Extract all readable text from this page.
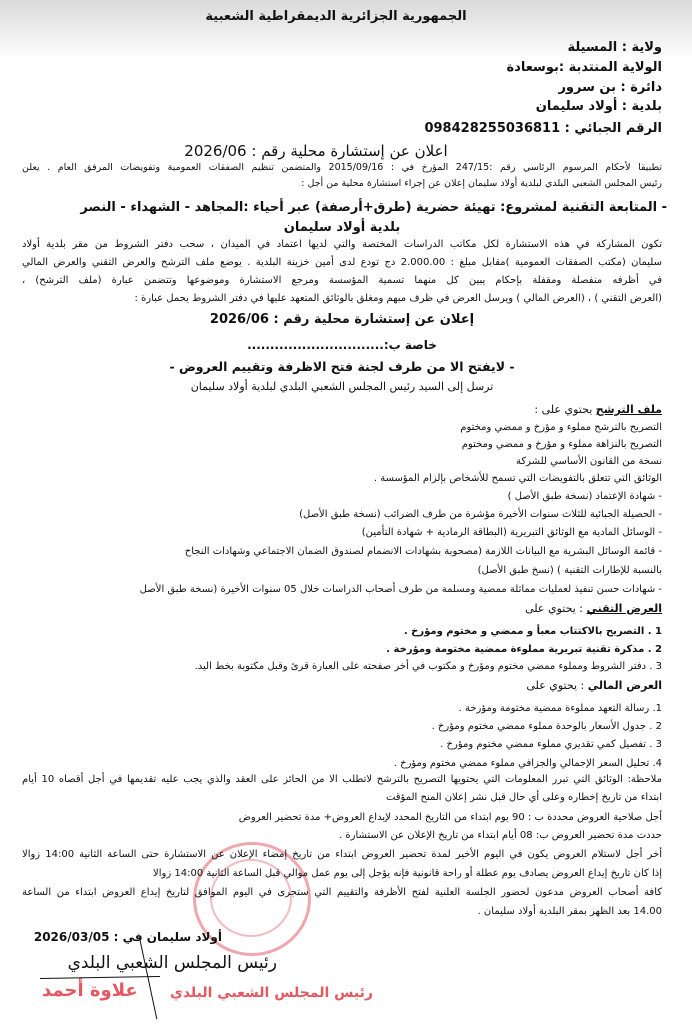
الجمهورية الجزائرية الديمقراطية الشعبية
ولاية : المسيلة
الولاية المنتدبة :بوسعادة
دائرة : بن سرور
بلدية : أولاد سليمان
الرقم الجبائي : 098428255036811
اعلان عن إستشارة محلية رقم : 2026/06
تطبيقا لأحكام المرسوم الرئاسي رقم :247/15 المؤرخ في : 2015/09/16 والمتضمن تنظيم الصفقات العمومية وتفويضات المرفق العام . يعلن
رئيس المجلس الشعبي البلدي لبلدية أولاد سليمان إعلان عن إجراء استشارة محلية من أجل :
- المتابعة التقنية لمشروع: تهيئة حضرية (طرق+أرصفة) عبر أحياء :المجاهد - الشهداء - النصر
بلدية أولاد سليمان
تكون المشاركة في هذه الاستشارة لكل مكاتب الدراسات المختصة والتي لديها اعتماد في الميدان ، سحب دفتر الشروط من مقر بلدية أولاد
سليمان (مكتب الصفقات العمومية )مقابل مبلغ : 2.000.00 دج تودع لدى أمين خزينة البلدية . يوضع ملف الترشح والعرض التقني والعرض المالي
في أظرفه منفصلة ومقفلة بإحكام يبين كل منهما تسمية المؤسسة ومرجع الاستشارة وموضوعها وتتضمن عبارة (ملف الترشح) ،
(العرض التقني ) ، (العرض المالي ) ويرسل العرض في ظرف مبهم ومغلق بالوثائق المتعهد عليها في دفتر الشروط يحمل عبارة :
إعلان عن إستشارة محلية رقم : 2026/06
خاصة ب:..............................
- لايفتح الا من طرف لجنة فتح الاظرفة وتقييم العروض -
ترسل إلى السيد رئيس المجلس الشعبي البلدي لبلدية أولاد سليمان
ملف الترشح يحتوي على :
التصريح بالترشح مملوء و مؤرخ و ممضي ومختوم
التصريح بالنزاهة مملوء و مؤرخ و ممضي ومختوم
نسخة من القانون الأساسي للشركة
الوثائق التي تتعلق بالتفويضات التي تسمح للأشخاص بإلزام المؤسسة .
- شهادة الإعتماد (نسخة طبق الأصل )
- الحصيلة الجبائية للثلاث سنوات الأخيرة مؤشرة من طرف الضرائب (نسخة طبق الأصل)
- الوسائل المادية مع الوثائق التبريرية (البطاقة الرمادية + شهادة التأمين)
- قائمة الوسائل البشرية مع البيانات اللازمة (مصحوبة بشهادات الانضمام لصندوق الضمان الاجتماعي وشهادات النجاح
بالنسبة للإطارات التقنية ) (نسخ طبق الأصل)
- شهادات حسن تنفيذ لعمليات مماثلة ممضية ومسلمة من طرف أصحاب الدراسات خلال 05 سنوات الأخيرة (نسخة طبق الأصل
العرض التقني : يحتوي على
1 . التصريح بالاكتتاب معبأ و ممضي و مختوم ومؤرخ .
2 . مذكرة تقنية تبريرية مملوءة ممضية مختومة ومؤرخة .
3 . دفتر الشروط ومملوء ممضي مختوم ومؤرخ و مكتوب في أخر صفحته على العبارة قرئ وقبل مكتوبة بخط اليد.
العرض المالي : يحتوي على
1. رسالة التعهد مملوءة ممضية مختومة ومؤرخة .
2 . جدول الأسعار بالوحدة مملوء ممضي مختوم ومؤرخ .
3 . تفصيل كمي تقديري مملوء ممضي مختوم ومؤرخ .
4. تحليل السعر الإجمالي والجزافي مملوء ممضي مختوم ومؤرخ .
ملاحظة: الوثائق التي تبرر المعلومات التي يحتويها التصريح بالترشح لاتطلب الا من الحائز على العقد والذي يجب عليه تقديمها في أجل أقصاه 10 أيام
ابتداء من تاريخ إخطاره وعلى أي حال قبل نشر إعلان المنح المؤقت
أجل صلاحية العروض محددة ب : 90 يوم ابتداء من التاريخ المحدد لإيداع العروض+ مدة تحضير العروض
حددت مدة تحضير العروض ب: 08 أيام ابتداء من تاريخ الإعلان عن الاستشارة .
أخر أجل لاستلام العروض يكون في اليوم الأخير لمدة تحضير العروض ابتداء من تاريخ إمضاء الإعلان عن الاستشارة حتى الساعة الثانية 14:00 زوالا
إذا كان تاريخ إيداع العروض يصادف يوم عطلة أو راحة قانونية فإنه يؤجل إلى يوم عمل موالي قبل الساعة الثانية 14:00 زوالا
كافة أصحاب العروض مدعون لحضور الجلسة العلنية لفتح الأظرفة والتقييم التي ستجرى في اليوم الموافق لتاريخ إيداع العروض ابتداء من الساعة
14.00 بعد الظهر بمقر البلدية أولاد سليمان .
أولاد سليمان في : 2026/03/05
رئيس المجلس الشعبي البلدي
علاوة أحمد رئيس المجلس الشعبي البلدي
